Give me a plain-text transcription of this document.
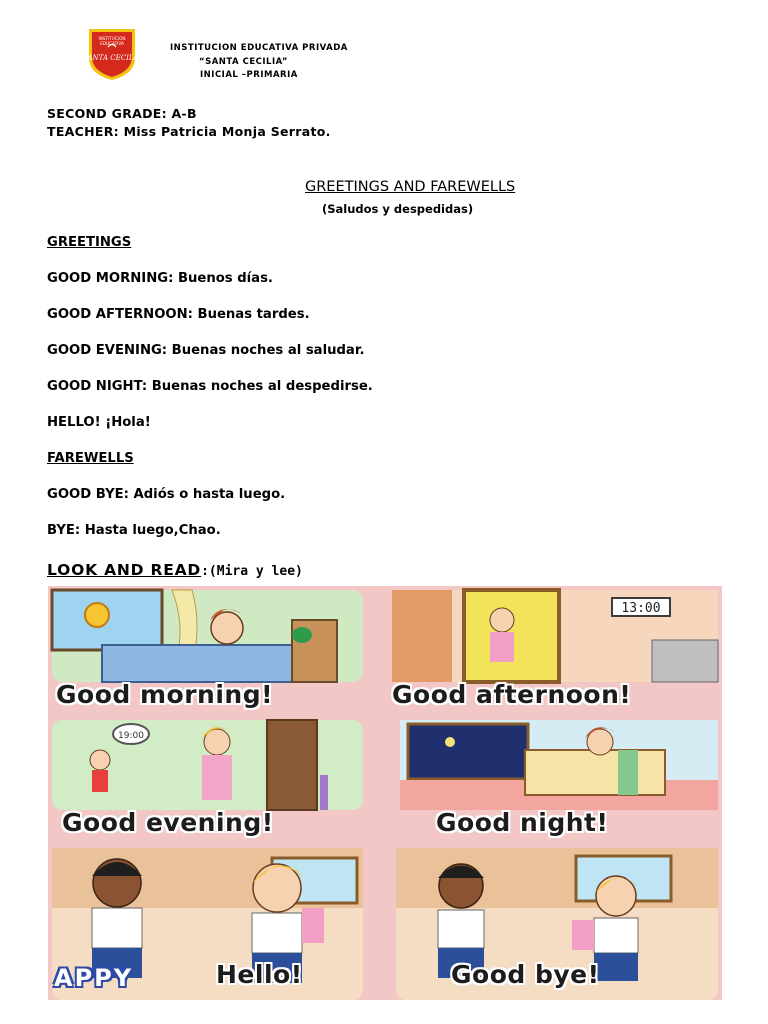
INSTITUCION
EDUCATIVA
SANTA CECILIA
INSTITUCION EDUCATIVA PRIVADA
“SANTA CECILIA”
INICIAL –PRIMARIA
SECOND GRADE: A-B
TEACHER: Miss Patricia Monja Serrato.
GREETINGS AND FAREWELLS
(Saludos y despedidas)
GREETINGS
GOOD MORNING: Buenos días.
GOOD AFTERNOON: Buenas tardes.
GOOD EVENING: Buenas noches al saludar.
GOOD NIGHT: Buenas noches al despedirse.
HELLO! ¡Hola!
FAREWELLS
GOOD BYE: Adiós o hasta luego.
BYE: Hasta luego,Chao.
LOOK AND READ:(Mira y lee)
Good morning!
13:00
Good afternoon!
19:00
Good evening!	Good night!
APPY	Hello!	Good bye!
